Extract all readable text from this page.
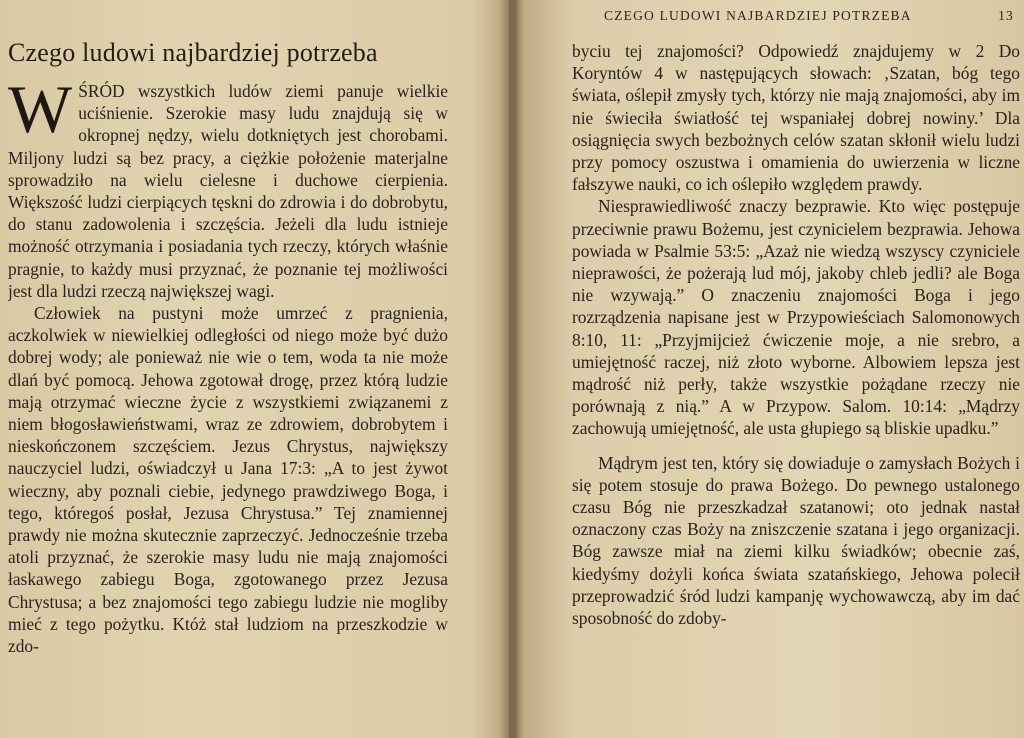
Czego ludowi najbardziej potrzeba

WŚRÓD wszystkich ludów ziemi panuje wielkie uciśnienie. Szerokie masy ludu znajdują się w okropnej nędzy, wielu dotkniętych jest chorobami. Miljony ludzi są bez pracy, a ciężkie położenie materjalne sprowadziło na wielu cielesne i duchowe cierpienia. Większość ludzi cierpiących tęskni do zdrowia i do dobrobytu, do stanu zadowolenia i szczęścia. Jeżeli dla ludu istnieje możność otrzymania i posiadania tych rzeczy, których właśnie pragnie, to każdy musi przyznać, że poznanie tej możliwości jest dla ludzi rzeczą największej wagi.

Człowiek na pustyni może umrzeć z pragnienia, aczkolwiek w niewielkiej odległości od niego może być dużo dobrej wody; ale ponieważ nie wie o tem, woda ta nie może dlań być pomocą. Jehowa zgotował drogę, przez którą ludzie mają otrzymać wieczne życie z wszystkiemi związanemi z niem błogosławieństwami, wraz ze zdrowiem, dobrobytem i nieskończonem szczęściem. Jezus Chrystus, największy nauczyciel ludzi, oświadczył u Jana 17:3: „A to jest żywot wieczny, aby poznali ciebie, jedynego prawdziwego Boga, i tego, któregoś posłał, Jezusa Chrystusa.” Tej znamiennej prawdy nie można skutecznie zaprzeczyć. Jednocześnie trzeba atoli przyznać, że szerokie masy ludu nie mają znajomości łaskawego zabiegu Boga, zgotowanego przez Jezusa Chrystusa; a bez znajomości tego zabiegu ludzie nie mogliby mieć z tego pożytku. Któż stał ludziom na przeszkodzie w zdo-

CZEGO LUDOWI NAJBARDZIEJ POTRZEBA	13

byciu tej znajomości? Odpowiedź znajdujemy w 2 Do Koryntów 4 w następujących słowach: ‚Szatan, bóg tego świata, oślepił zmysły tych, którzy nie mają znajomości, aby im nie świeciła światłość tej wspaniałej dobrej nowiny.’ Dla osiągnięcia swych bezbożnych celów szatan skłonił wielu ludzi przy pomocy oszustwa i omamienia do uwierzenia w liczne fałszywe nauki, co ich oślepiło względem prawdy.

Niesprawiedliwość znaczy bezprawie. Kto więc postępuje przeciwnie prawu Bożemu, jest czynicielem bezprawia. Jehowa powiada w Psalmie 53:5: „Azaż nie wiedzą wszyscy czyniciele nieprawości, że pożerają lud mój, jakoby chleb jedli? ale Boga nie wzywają.” O znaczeniu znajomości Boga i jego rozrządzenia napisane jest w Przypowieściach Salomonowych 8:10, 11: „Przyjmijcież ćwiczenie moje, a nie srebro, a umiejętność raczej, niż złoto wyborne. Albowiem lepsza jest mądrość niż perły, także wszystkie pożądane rzeczy nie porównają z nią.” A w Przypow. Salom. 10:14: „Mądrzy zachowują umiejętność, ale usta głupiego są bliskie upadku.”

Mądrym jest ten, który się dowiaduje o zamysłach Bożych i się potem stosuje do prawa Bożego. Do pewnego ustalonego czasu Bóg nie przeszkadzał szatanowi; oto jednak nastał oznaczony czas Boży na zniszczenie szatana i jego organizacji. Bóg zawsze miał na ziemi kilku świadków; obecnie zaś, kiedyśmy dożyli końca świata szatańskiego, Jehowa polecił przeprowadzić śród ludzi kampanję wychowawczą, aby im dać sposobność do zdoby-
